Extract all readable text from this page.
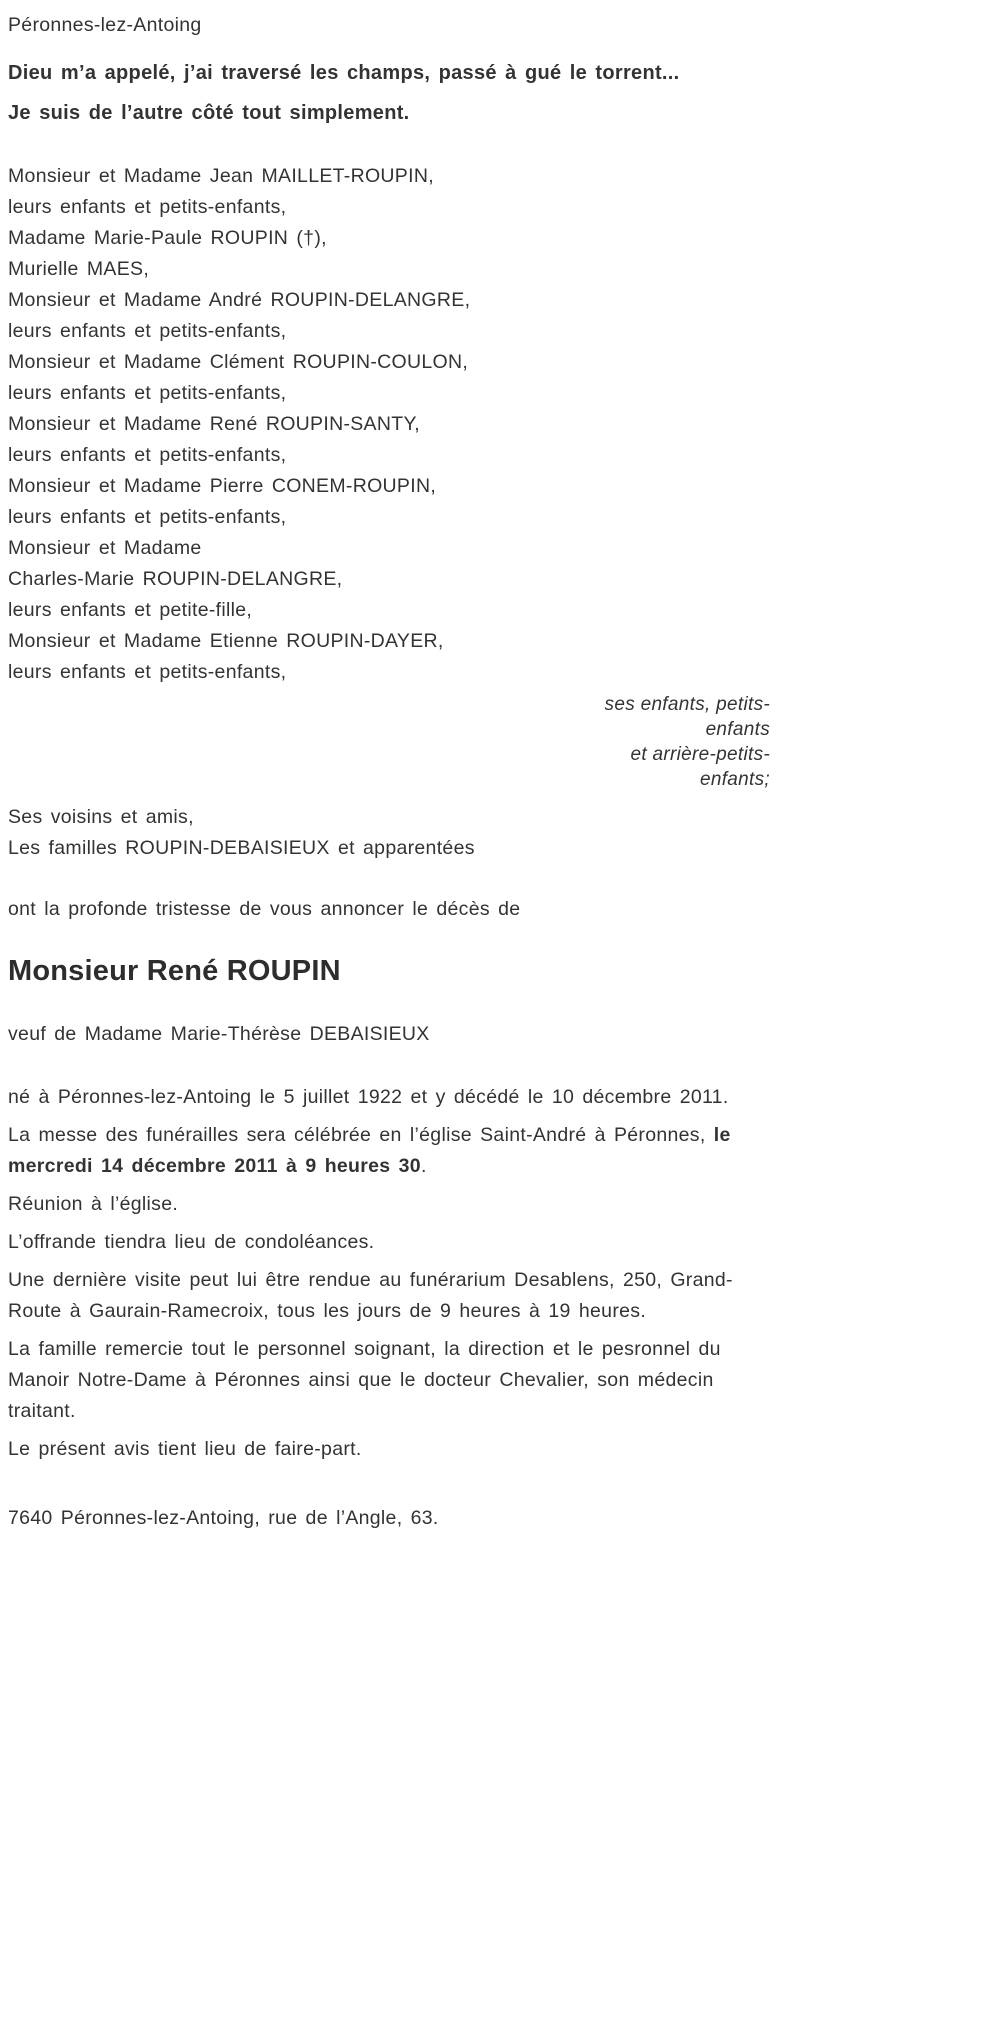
Péronnes-lez-Antoing
Dieu m’a appelé, j’ai traversé les champs, passé à gué le torrent...
Je suis de l’autre côté tout simplement.
Monsieur et Madame Jean MAILLET-ROUPIN,
leurs enfants et petits-enfants,
Madame Marie-Paule ROUPIN (†),
Murielle MAES,
Monsieur et Madame André ROUPIN-DELANGRE,
leurs enfants et petits-enfants,
Monsieur et Madame Clément ROUPIN-COULON,
leurs enfants et petits-enfants,
Monsieur et Madame René ROUPIN-SANTY,
leurs enfants et petits-enfants,
Monsieur et Madame Pierre CONEM-ROUPIN,
leurs enfants et petits-enfants,
Monsieur et Madame
Charles-Marie ROUPIN-DELANGRE,
leurs enfants et petite-fille,
Monsieur et Madame Etienne ROUPIN-DAYER,
leurs enfants et petits-enfants,
ses enfants, petits-
enfants
et arrière-petits-
enfants;
Ses voisins et amis,
Les familles ROUPIN-DEBAISIEUX et apparentées
ont la profonde tristesse de vous annoncer le décès de
Monsieur René ROUPIN
veuf de Madame Marie-Thérèse DEBAISIEUX

né à Péronnes-lez-Antoing le 5 juillet 1922 et y décédé le 10 décembre 2011.

La messe des funérailles sera célébrée en l’église Saint-André à Péronnes, le mercredi 14 décembre 2011 à 9 heures 30.

Réunion à l’église.

L’offrande tiendra lieu de condoléances.

Une dernière visite peut lui être rendue au funérarium Desablens, 250, Grand-Route à Gaurain-Ramecroix, tous les jours de 9 heures à 19 heures.

La famille remercie tout le personnel soignant, la direction et le pesronnel du Manoir Notre-Dame à Péronnes ainsi que le docteur Chevalier, son médecin traitant.

Le présent avis tient lieu de faire-part.

7640 Péronnes-lez-Antoing, rue de l’Angle, 63.
